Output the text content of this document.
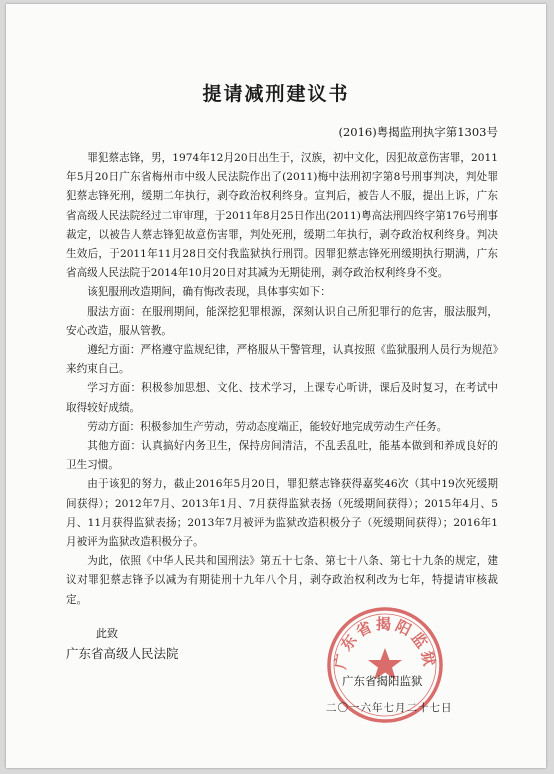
提请减刑建议书
(2016)粤揭监刑执字第1303号

罪犯蔡志锋，男，1974年12月20日出生于，汉族，初中文化，因犯故意伤害罪，2011年5月20日广东省梅州市中级人民法院作出了(2011)梅中法刑初字第8号刑事判决，判处罪犯蔡志锋死刑，缓期二年执行，剥夺政治权利终身。宣判后，被告人不服，提出上诉，广东省高级人民法院经过二审审理，于2011年8月25日作出(2011)粤高法刑四终字第176号刑事裁定，以被告人蔡志锋犯故意伤害罪，判处死刑，缓期二年执行，剥夺政治权利终身。判决生效后，于2011年11月28日交付我监狱执行刑罚。因罪犯蔡志锋死刑缓期执行期满，广东省高级人民法院于2014年10月20日对其减为无期徒刑，剥夺政治权利终身不变。

该犯服刑改造期间，确有悔改表现，具体事实如下：

服法方面：在服刑期间，能深挖犯罪根源，深刻认识自己所犯罪行的危害，服法服判，安心改造，服从管教。

遵纪方面：严格遵守监规纪律，严格服从干警管理，认真按照《监狱服刑人员行为规范》来约束自己。

学习方面：积极参加思想、文化、技术学习，上课专心听讲，课后及时复习，在考试中取得较好成绩。

劳动方面：积极参加生产劳动，劳动态度端正，能较好地完成劳动生产任务。

其他方面：认真搞好内务卫生，保持房间清洁，不乱丢乱吐，能基本做到和养成良好的卫生习惯。

由于该犯的努力，截止2016年5月20日，罪犯蔡志锋获得嘉奖46次（其中19次死缓期间获得）；2012年7月、2013年1月、7月获得监狱表扬（死缓期间获得）；2015年4月、5月、11月获得监狱表扬；2013年7月被评为监狱改造积极分子（死缓期间获得）；2016年1月被评为监狱改造积极分子。

为此，依照《中华人民共和国刑法》第五十七条、第七十八条、第七十九条的规定，建议对罪犯蔡志锋予以减为有期徒刑十九年八个月，剥夺政治权利改为七年，特提请审核裁定。

此致
广东省高级人民法院	广东省揭阳监狱
广东省揭阳监狱
二〇一六年七月二十七日
